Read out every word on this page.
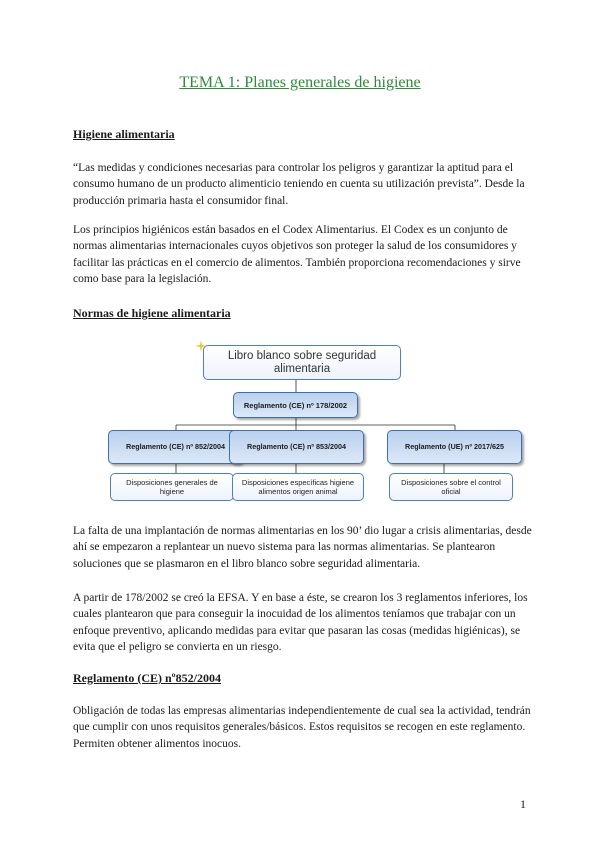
TEMA 1: Planes generales de higiene
Higiene alimentaria

“Las medidas y condiciones necesarias para controlar los peligros y garantizar la aptitud para el consumo humano de un producto alimenticio teniendo en cuenta su utilización prevista”. Desde la producción primaria hasta el consumidor final.

Los principios higiénicos están basados en el Codex Alimentarius. El Codex es un conjunto de normas alimentarias internacionales cuyos objetivos son proteger la salud de los consumidores y facilitar las prácticas en el comercio de alimentos. También proporciona recomendaciones y sirve como base para la legislación.

Normas de higiene alimentaria
Libro blanco sobre seguridad alimentaria
Reglamento (CE) nº 178/2002
Reglamento (CE) nº 852/2004	Reglamento (CE) nº 853/2004	Reglamento (UE) nº 2017/625
Disposiciones generales de higiene
Disposiciones específicas higiene alimentos origen animal
Disposiciones sobre el control oficial

La falta de una implantación de normas alimentarias en los 90’ dio lugar a crisis alimentarias, desde ahí se empezaron a replantear un nuevo sistema para las normas alimentarias. Se plantearon soluciones que se plasmaron en el libro blanco sobre seguridad alimentaria.

A partir de 178/2002 se creó la EFSA. Y en base a éste, se crearon los 3 reglamentos inferiores, los cuales plantearon que para conseguir la inocuidad de los alimentos teníamos que trabajar con un enfoque preventivo, aplicando medidas para evitar que pasaran las cosas (medidas higiénicas), se evita que el peligro se convierta en un riesgo.

Reglamento (CE) nº852/2004

Obligación de todas las empresas alimentarias independientemente de cual sea la actividad, tendrán que cumplir con unos requisitos generales/básicos. Estos requisitos se recogen en este reglamento. Permiten obtener alimentos inocuos.

1
